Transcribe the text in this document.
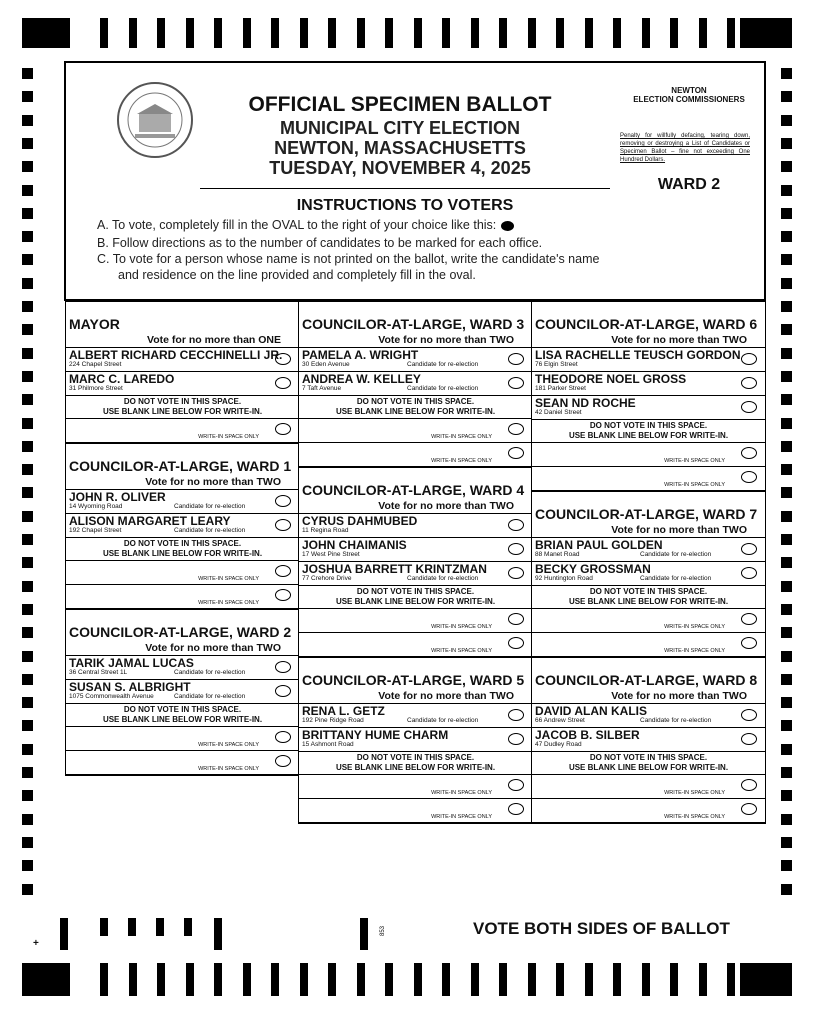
OFFICIAL SPECIMEN BALLOT
MUNICIPAL CITY ELECTION
NEWTON, MASSACHUSETTS
TUESDAY, NOVEMBER 4, 2025
NEWTON
ELECTION COMMISSIONERS
Penalty for willfully defacing, tearing down, removing or destroying a List of Candidates or Specimen Ballot – fine not exceeding One Hundred Dollars.
WARD 2
INSTRUCTIONS TO VOTERS
A. To vote, completely fill in the OVAL to the right of your choice like this:
B. Follow directions as to the number of candidates to be marked for each office.
C. To vote for a person whose name is not printed on the ballot, write the candidate's name
and residence on the line provided and completely fill in the oval.
MAYOR
Vote for no more than ONE
ALBERT RICHARD CECCHINELLI JR.
224 Chapel Street
MARC C. LAREDO
31 Philmore Street
DO NOT VOTE IN THIS SPACE.
USE BLANK LINE BELOW FOR WRITE-IN.
WRITE-IN SPACE ONLY
COUNCILOR-AT-LARGE, WARD 1
Vote for no more than TWO
JOHN R. OLIVER
14 Wyoming Road	Candidate for re-election
ALISON MARGARET LEARY
192 Chapel Street	Candidate for re-election
DO NOT VOTE IN THIS SPACE.
USE BLANK LINE BELOW FOR WRITE-IN.
WRITE-IN SPACE ONLY
WRITE-IN SPACE ONLY
COUNCILOR-AT-LARGE, WARD 2
Vote for no more than TWO
TARIK JAMAL LUCAS
36 Central Street 1L	Candidate for re-election
SUSAN S. ALBRIGHT
1075 Commonwealth Avenue	Candidate for re-election
DO NOT VOTE IN THIS SPACE.
USE BLANK LINE BELOW FOR WRITE-IN.
WRITE-IN SPACE ONLY
WRITE-IN SPACE ONLY
COUNCILOR-AT-LARGE, WARD 3
Vote for no more than TWO
PAMELA A. WRIGHT
30 Eden Avenue	Candidate for re-election
ANDREA W. KELLEY
7 Taft Avenue	Candidate for re-election
DO NOT VOTE IN THIS SPACE.
USE BLANK LINE BELOW FOR WRITE-IN.
WRITE-IN SPACE ONLY
WRITE-IN SPACE ONLY
COUNCILOR-AT-LARGE, WARD 4
Vote for no more than TWO
CYRUS DAHMUBED
11 Regina Road
JOHN CHAIMANIS
17 West Pine Street
JOSHUA BARRETT KRINTZMAN
77 Crehore Drive	Candidate for re-election
DO NOT VOTE IN THIS SPACE.
USE BLANK LINE BELOW FOR WRITE-IN.
WRITE-IN SPACE ONLY
WRITE-IN SPACE ONLY
COUNCILOR-AT-LARGE, WARD 5
Vote for no more than TWO
RENA L. GETZ
192 Pine Ridge Road	Candidate for re-election
BRITTANY HUME CHARM
15 Ashmont Road
DO NOT VOTE IN THIS SPACE.
USE BLANK LINE BELOW FOR WRITE-IN.
WRITE-IN SPACE ONLY
WRITE-IN SPACE ONLY
COUNCILOR-AT-LARGE, WARD 6
Vote for no more than TWO
LISA RACHELLE TEUSCH GORDON
76 Elgin Street
THEODORE NOEL GROSS
181 Parker Street
SEAN ND ROCHE
42 Daniel Street
DO NOT VOTE IN THIS SPACE.
USE BLANK LINE BELOW FOR WRITE-IN.
WRITE-IN SPACE ONLY
WRITE-IN SPACE ONLY
COUNCILOR-AT-LARGE, WARD 7
Vote for no more than TWO
BRIAN PAUL GOLDEN
88 Manet Road	Candidate for re-election
BECKY GROSSMAN
92 Huntington Road	Candidate for re-election
DO NOT VOTE IN THIS SPACE.
USE BLANK LINE BELOW FOR WRITE-IN.
WRITE-IN SPACE ONLY
WRITE-IN SPACE ONLY
COUNCILOR-AT-LARGE, WARD 8
Vote for no more than TWO
DAVID ALAN KALIS
66 Andrew Street	Candidate for re-election
JACOB B. SILBER
47 Dudley Road
DO NOT VOTE IN THIS SPACE.
USE BLANK LINE BELOW FOR WRITE-IN.
WRITE-IN SPACE ONLY
WRITE-IN SPACE ONLY
VOTE BOTH SIDES OF BALLOT
853
+
